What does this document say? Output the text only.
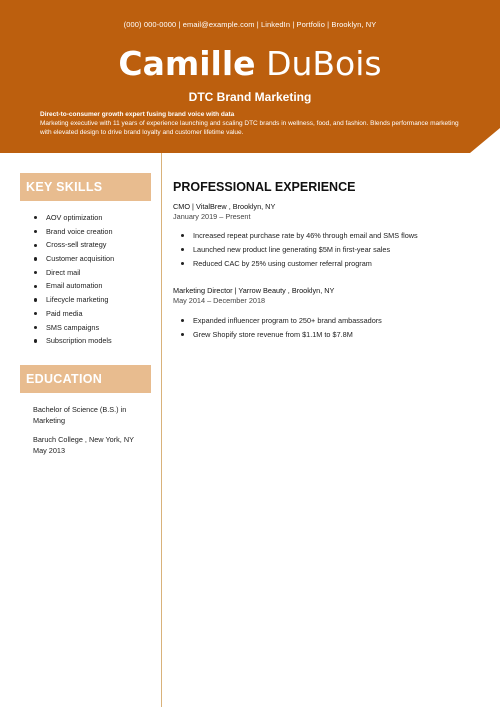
(000) 000-0000 | email@example.com | LinkedIn | Portfolio | Brooklyn, NY
Camille DuBois
DTC Brand Marketing
Direct-to-consumer growth expert fusing brand voice with data
Marketing executive with 11 years of experience launching and scaling DTC brands in wellness, food, and fashion. Blends performance marketing with elevated design to drive brand loyalty and customer lifetime value.
KEY SKILLS
AOV optimization
Brand voice creation
Cross-sell strategy
Customer acquisition
Direct mail
Email automation
Lifecycle marketing
Paid media
SMS campaigns
Subscription models
EDUCATION
Bachelor of Science (B.S.) in Marketing
Baruch College , New York, NY
May 2013
PROFESSIONAL EXPERIENCE
CMO | VitalBrew , Brooklyn, NY
January 2019 – Present
Increased repeat purchase rate by 46% through email and SMS flows
Launched new product line generating $5M in first-year sales
Reduced CAC by 25% using customer referral program
Marketing Director | Yarrow Beauty , Brooklyn, NY
May 2014 – December 2018
Expanded influencer program to 250+ brand ambassadors
Grew Shopify store revenue from $1.1M to $7.8M
